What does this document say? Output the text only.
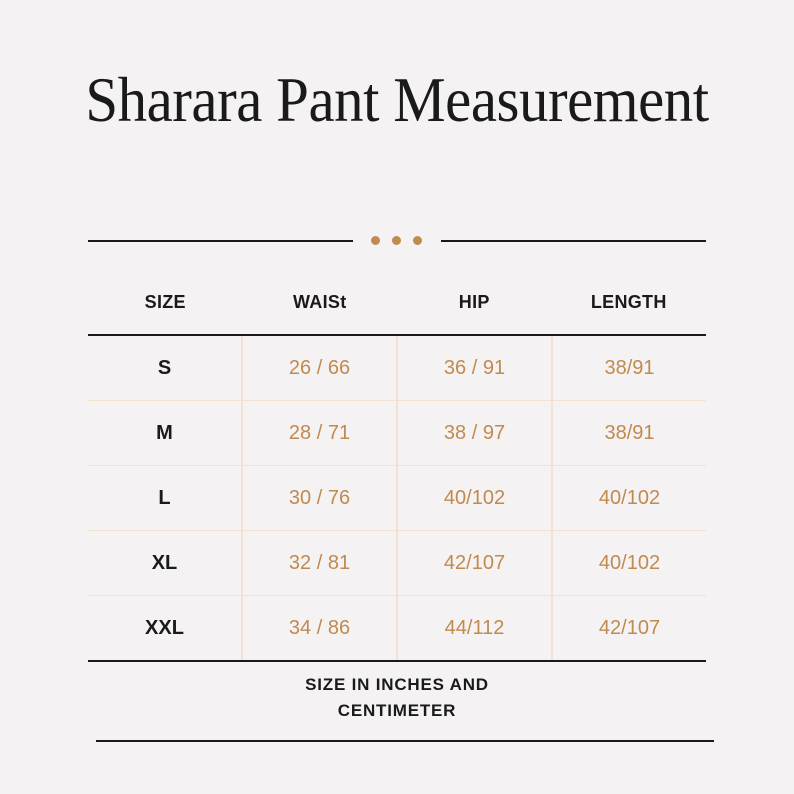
Sharara Pant Measurement
SIZE	WAISt	HIP	LENGTH
S	26 / 66	36 / 91	38/91
M	28 / 71	38 / 97	38/91
L	30 / 76	40/102	40/102
XL	32 / 81	42/107	40/102
XXL	34 / 86	44/112	42/107
SIZE IN INCHES AND
CENTIMETER
